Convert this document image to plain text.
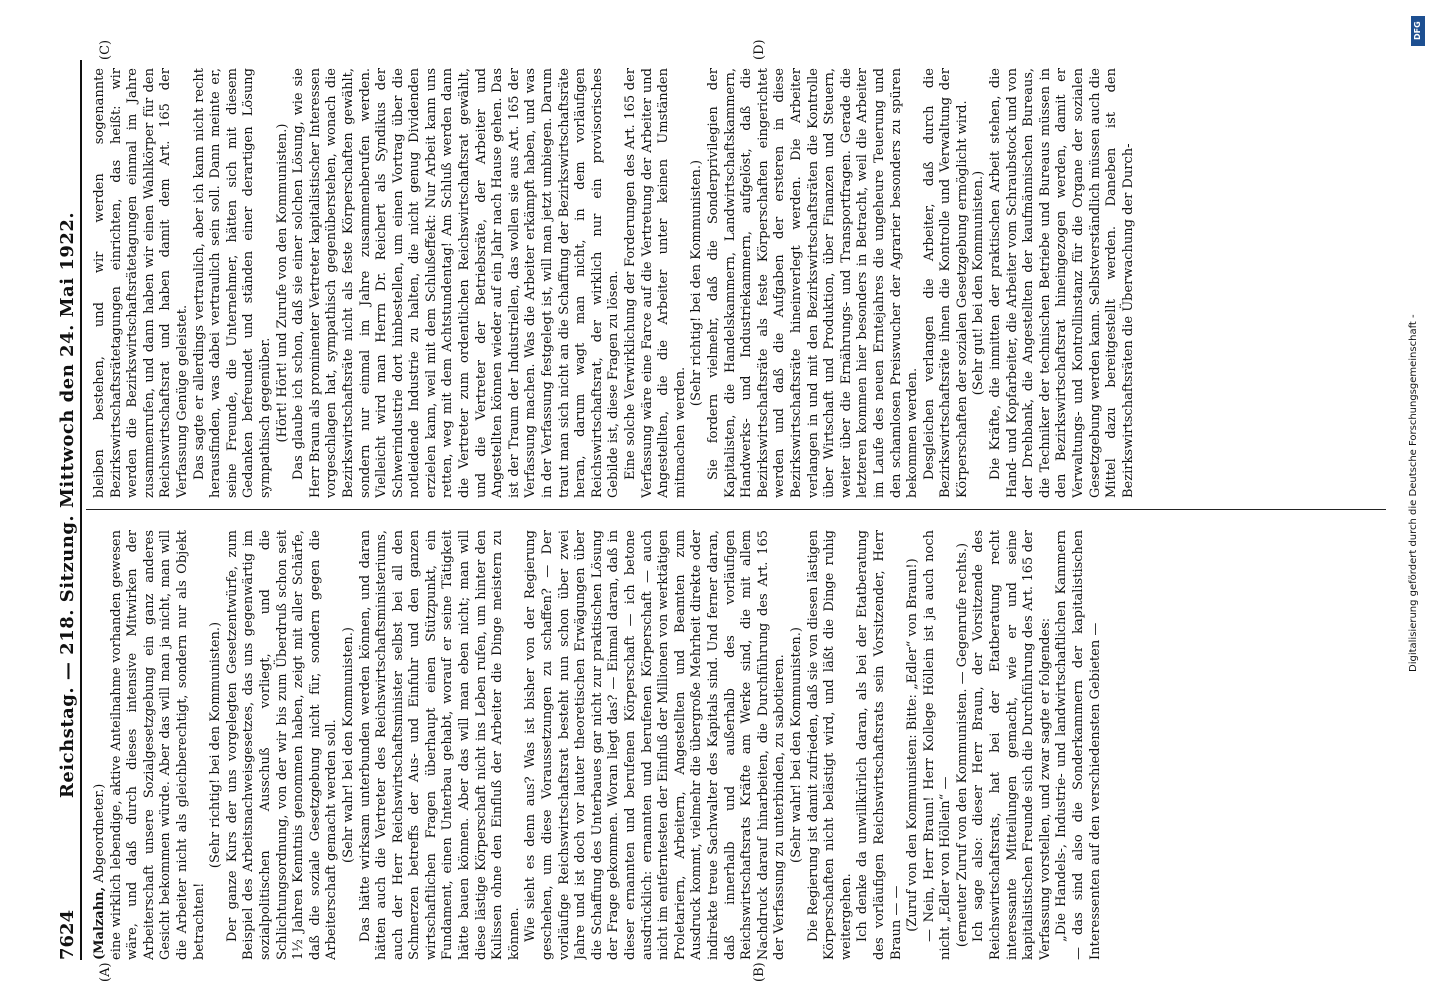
7624
Reichstag. — 218. Sitzung. Mittwoch den 24. Mai 1922.
(A)	(B)
(C)	(D)

(Malzahn, Abgeordneter.) eine wirklich lebendige, aktive Anteilnahme vorhanden gewesen wäre, und daß durch dieses intensive Mitwirken der Arbeiterschaft unsere Sozialgesetzgebung ein ganz anderes Gesicht bekommen würde. Aber das will man ja nicht, man will die Arbeiter nicht als gleichberechtigt, sondern nur als Objekt betrachten!

(Sehr richtig! bei den Kommunisten.) Der ganze Kurs der uns vorgelegten Gesetzentwürfe, zum Beispiel des Arbeitsnachweisgesetzes, das uns gegenwärtig im sozialpolitischen Ausschuß vorliegt, und die Schlichtungsordnung, von der wir bis zum Überdruß schon seit 1½ Jahren Kenntnis genommen haben, zeigt mit aller Schärfe, daß die soziale Gesetzgebung nicht für, sondern gegen die Arbeiterschaft gemacht werden soll. (Sehr wahr! bei den Kommunisten.) Das hätte wirksam unterbunden werden können, und daran hätten auch die Vertreter des Reichswirtschaftsministeriums, auch der Herr Reichswirtschaftsminister selbst bei all den Schmerzen betreffs der Aus- und Einfuhr und den ganzen wirtschaftlichen Fragen überhaupt einen Stützpunkt, ein Fundament, einen Unterbau gehabt, worauf er seine Tätigkeit hätte bauen können. Aber das will man eben nicht; man will diese lästige Körperschaft nicht ins Leben rufen, um hinter den Kulissen ohne den Einfluß der Arbeiter die Dinge meistern zu können. Wie sieht es denn aus? Was ist bisher von der Regierung geschehen, um diese Voraussetzungen zu schaffen? — Der vorläufige Reichswirtschaftsrat besteht nun schon über zwei Jahre und ist doch vor lauter theoretischen Erwägungen über die Schaffung des Unterbaues gar nicht zur praktischen Lösung der Frage gekommen. Woran liegt das? — Einmal daran, daß in dieser ernannten und berufenen Körperschaft — ich betone ausdrücklich: ernannten und berufenen Körperschaft — auch nicht im entferntesten der Einfluß der Millionen von werktätigen Proletariern, Arbeitern, Angestellten und Beamten zum Ausdruck kommt, vielmehr die übergroße Mehrheit direkte oder indirekte treue Sachwalter des Kapitals sind. Und ferner daran, daß innerhalb und außerhalb des vorläufigen Reichswirtschaftsrats Kräfte am Werke sind, die mit allem Nachdruck darauf hinarbeiten, die Durchführung des Art. 165 der Verfassung zu unterbinden, zu sabotieren. (Sehr wahr! bei den Kommunisten.) Die Regierung ist damit zufrieden, daß sie von diesen lästigen Körperschaften nicht belästigt wird, und läßt die Dinge ruhig weitergehen. Ich denke da unwillkürlich daran, als bei der Etatberatung des vorläufigen Reichswirtschaftsrats sein Vorsitzender, Herr Braun — — (Zuruf von den Kommunisten: Bitte: „Edler“ von Braun!) — Nein, Herr Braun! Herr Kollege Höllein ist ja auch noch nicht „Edler von Höllein“ — (erneuter Zuruf von den Kommunisten. — Gegenrufe rechts.) Ich sage also: dieser Herr Braun, der Vorsitzende des Reichswirtschaftsrats, hat bei der Etatberatung recht interessante Mitteilungen gemacht, wie er und seine kapitalistischen Freunde sich die Durchführung des Art. 165 der Verfassung vorstellen, und zwar sagte er folgendes: „Die Handels-, Industrie- und landwirtschaftlichen Kammern — das sind also die Sonderkammern der kapitalistischen Interessenten auf den verschiedensten Gebieten —

bleiben bestehen, und wir werden sogenannte Bezirkswirtschaftsrätetagungen einrichten, das heißt: wir werden die Bezirkswirtschaftsrätetagungen einmal im Jahre zusammenrufen, und dann haben wir einen Wahlkörper für den Reichswirtschaftsrat und haben damit dem Art. 165 der Verfassung Genüge geleistet. Das sagte er allerdings vertraulich, aber ich kann nicht recht herausfinden, was dabei vertraulich sein soll. Dann meinte er, seine Freunde, die Unternehmer, hätten sich mit diesem Gedanken befreundet und ständen einer derartigen Lösung sympathisch gegenüber. (Hört! Hört! und Zurufe von den Kommunisten.) Das glaube ich schon, daß sie einer solchen Lösung, wie sie Herr Braun als prominenter Vertreter kapitalistischer Interessen vorgeschlagen hat, sympathisch gegenüberstehen, wonach die Bezirkswirtschaftsräte nicht als feste Körperschaften gewählt, sondern nur einmal im Jahre zusammenberufen werden. Vielleicht wird man Herrn Dr. Reichert als Syndikus der Schwerindustrie dort hinbestellen, um einen Vortrag über die notleidende Industrie zu halten, die nicht genug Dividenden erzielen kann, weil mit dem Schlußeffekt: Nur Arbeit kann uns retten, weg mit dem Achtstundentag! Am Schluß werden dann die Vertreter zum ordentlichen Reichswirtschaftsrat gewählt, und die Vertreter der Betriebsräte, der Arbeiter und Angestellten können wieder auf ein Jahr nach Hause gehen. Das ist der Traum der Industriellen, das wollen sie aus Art. 165 der Verfassung machen. Was die Arbeiter erkämpft haben, und was in der Verfassung festgelegt ist, will man jetzt umbiegen. Darum traut man sich nicht an die Schaffung der Bezirkswirtschaftsräte heran, darum wagt man nicht, in dem vorläufigen Reichswirtschaftsrat, der wirklich nur ein provisorisches Gebilde ist, diese Fragen zu lösen. Eine solche Verwirklichung der Forderungen des Art. 165 der Verfassung wäre eine Farce auf die Vertretung der Arbeiter und Angestellten, die die Arbeiter unter keinen Umständen mitmachen werden.

(Sehr richtig! bei den Kommunisten.) Sie fordern vielmehr, daß die Sonderprivilegien der Kapitalisten, die Handelskammern, Landwirtschaftskammern, Handwerks- und Industriekammern, aufgelöst, daß die Bezirkswirtschaftsräte als feste Körperschaften eingerichtet werden und daß die Aufgaben der ersteren in diese Bezirkswirtschaftsräte hineinverlegt werden. Die Arbeiter verlangen in und mit den Bezirkswirtschaftsräten die Kontrolle über Wirtschaft und Produktion, über Finanzen und Steuern, weiter über die Ernährungs- und Transportfragen. Gerade die letzteren kommen hier besonders in Betracht, weil die Arbeiter im Laufe des neuen Erntejahres die ungeheure Teuerung und den schamlosen Preiswucher der Agrarier besonders zu spüren bekommen werden. Desgleichen verlangen die Arbeiter, daß durch die Bezirkswirtschaftsräte ihnen die Kontrolle und Verwaltung der Körperschaften der sozialen Gesetzgebung ermöglicht wird. (Sehr gut! bei den Kommunisten.) Die Kräfte, die inmitten der praktischen Arbeit stehen, die Hand- und Kopfarbeiter, die Arbeiter vom Schraubstock und von der Drehbank, die Angestellten der kaufmännischen Bureaus, die Techniker der technischen Betriebe und Bureaus müssen in den Bezirkswirtschaftsrat hineingezogen werden, damit er Verwaltungs- und Kontrollinstanz für die Organe der sozialen Gesetzgebung werden kann. Selbstverständlich müssen auch die Mittel dazu bereitgestellt werden. Daneben ist den Bezirkswirtschaftsräten die Überwachung der Durch-

DFG
Digitalisierung gefördert durch die Deutsche Forschungsgemeinschaft -
